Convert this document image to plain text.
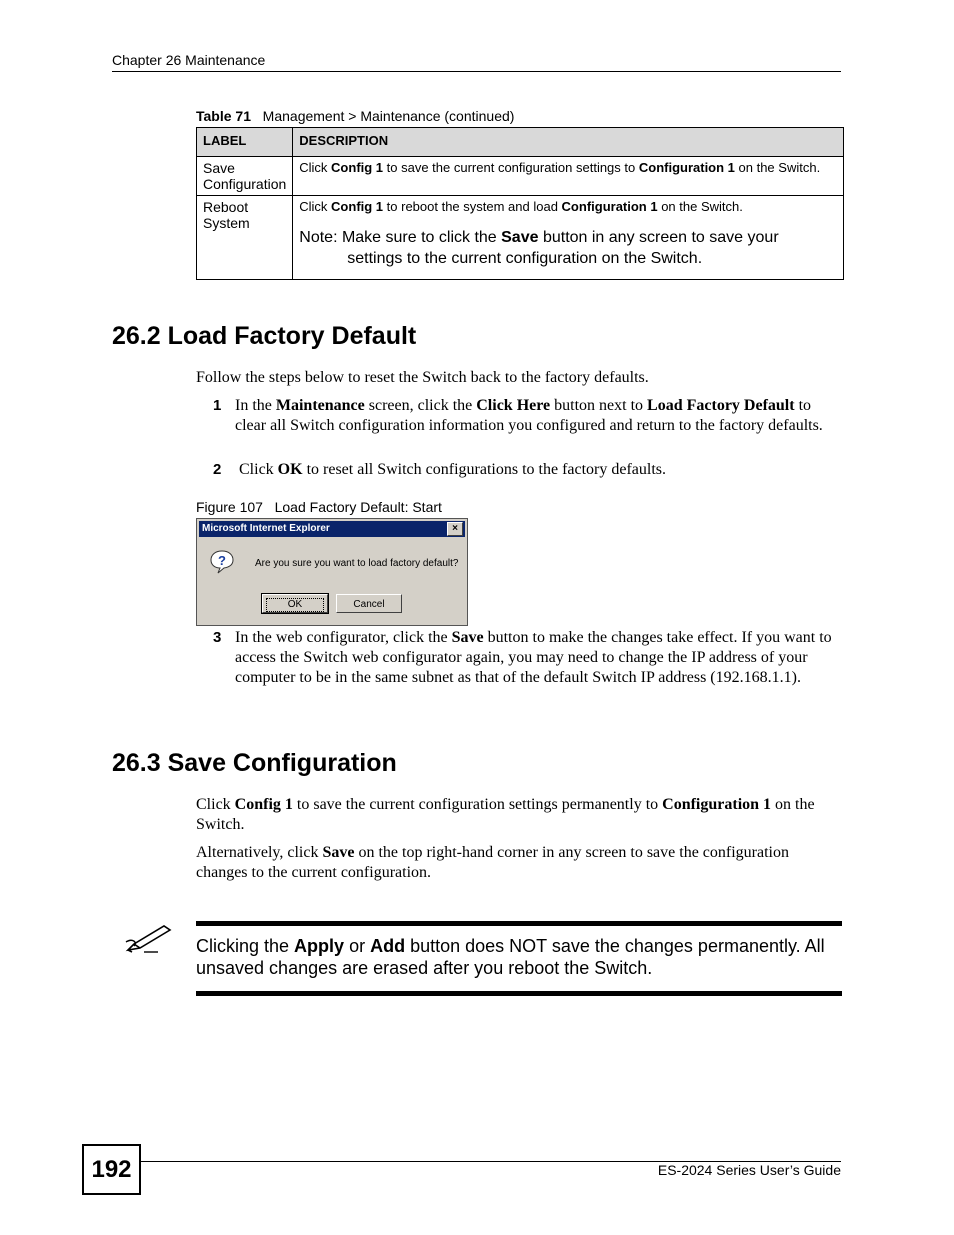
Chapter 26 Maintenance
Table 71 Management > Maintenance (continued)
LABEL	DESCRIPTION
Save Configuration	Click Config 1 to save the current configuration settings to Configuration 1 on the Switch.
Reboot System	Click Config 1 to reboot the system and load Configuration 1 on the Switch.
Note: Make sure to click the Save button in any screen to save your
settings to the current configuration on the Switch.
26.2 Load Factory Default
Follow the steps below to reset the Switch back to the factory defaults.
1 In the Maintenance screen, click the Click Here button next to Load Factory Default to clear all Switch configuration information you configured and return to the factory defaults.
2 Click OK to reset all Switch configurations to the factory defaults.
Figure 107 Load Factory Default: Start
Microsoft Internet Explorer	×
?	Are you sure you want to load factory default?
OK	Cancel
3 In the web configurator, click the Save button to make the changes take effect. If you want to access the Switch web configurator again, you may need to change the IP address of your computer to be in the same subnet as that of the default Switch IP address (192.168.1.1).
26.3 Save Configuration
Click Config 1 to save the current configuration settings permanently to Configuration 1 on the Switch.
Alternatively, click Save on the top right-hand corner in any screen to save the configuration changes to the current configuration.
Clicking the Apply or Add button does NOT save the changes permanently. All unsaved changes are erased after you reboot the Switch.
192	ES-2024 Series User’s Guide
